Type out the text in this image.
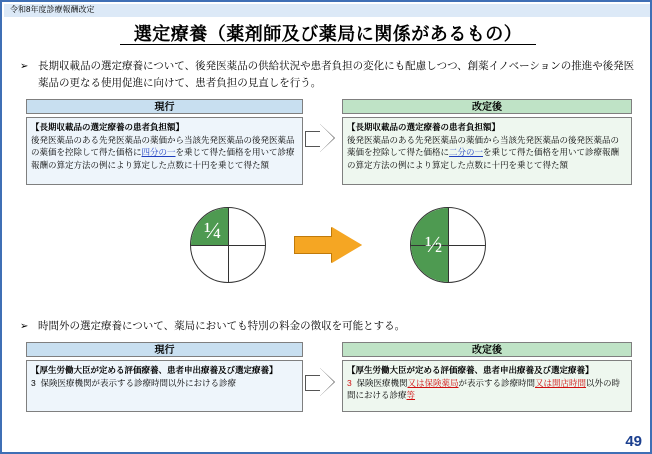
令和8年度診療報酬改定
選定療養（薬剤師及び薬局に関係があるもの）
➢ 長期収載品の選定療養について、後発医薬品の供給状況や患者負担の変化にも配慮しつつ、創薬イノベーションの推進や後発医薬品の更なる使用促進に向けて、患者負担の見直しを行う。
現行	改定後
【長期収載品の選定療養の患者負担額】
後発医薬品のある先発医薬品の薬価から当該先発医薬品の後発医薬品の薬価を控除して得た価格に四分の一を乗じて得た価格を用いて診療報酬の算定方法の例により算定した点数に十円を乗じて得た額
【長期収載品の選定療養の患者負担額】
後発医薬品のある先発医薬品の薬価から当該先発医薬品の後発医薬品の薬価を控除して得た価格に二分の一を乗じて得た価格を用いて診療報酬の算定方法の例により算定した点数に十円を乗じて得た額
¼
½
➢ 時間外の選定療養について、薬局においても特別の料金の徴収を可能とする。
現行	改定後
【厚生労働大臣が定める評価療養、患者申出療養及び選定療養】
3 保険医療機関が表示する診療時間以外における診療
【厚生労働大臣が定める評価療養、患者申出療養及び選定療養】
3 保険医療機関又は保険薬局が表示する診療時間又は開店時間以外の時間における診療等
49
